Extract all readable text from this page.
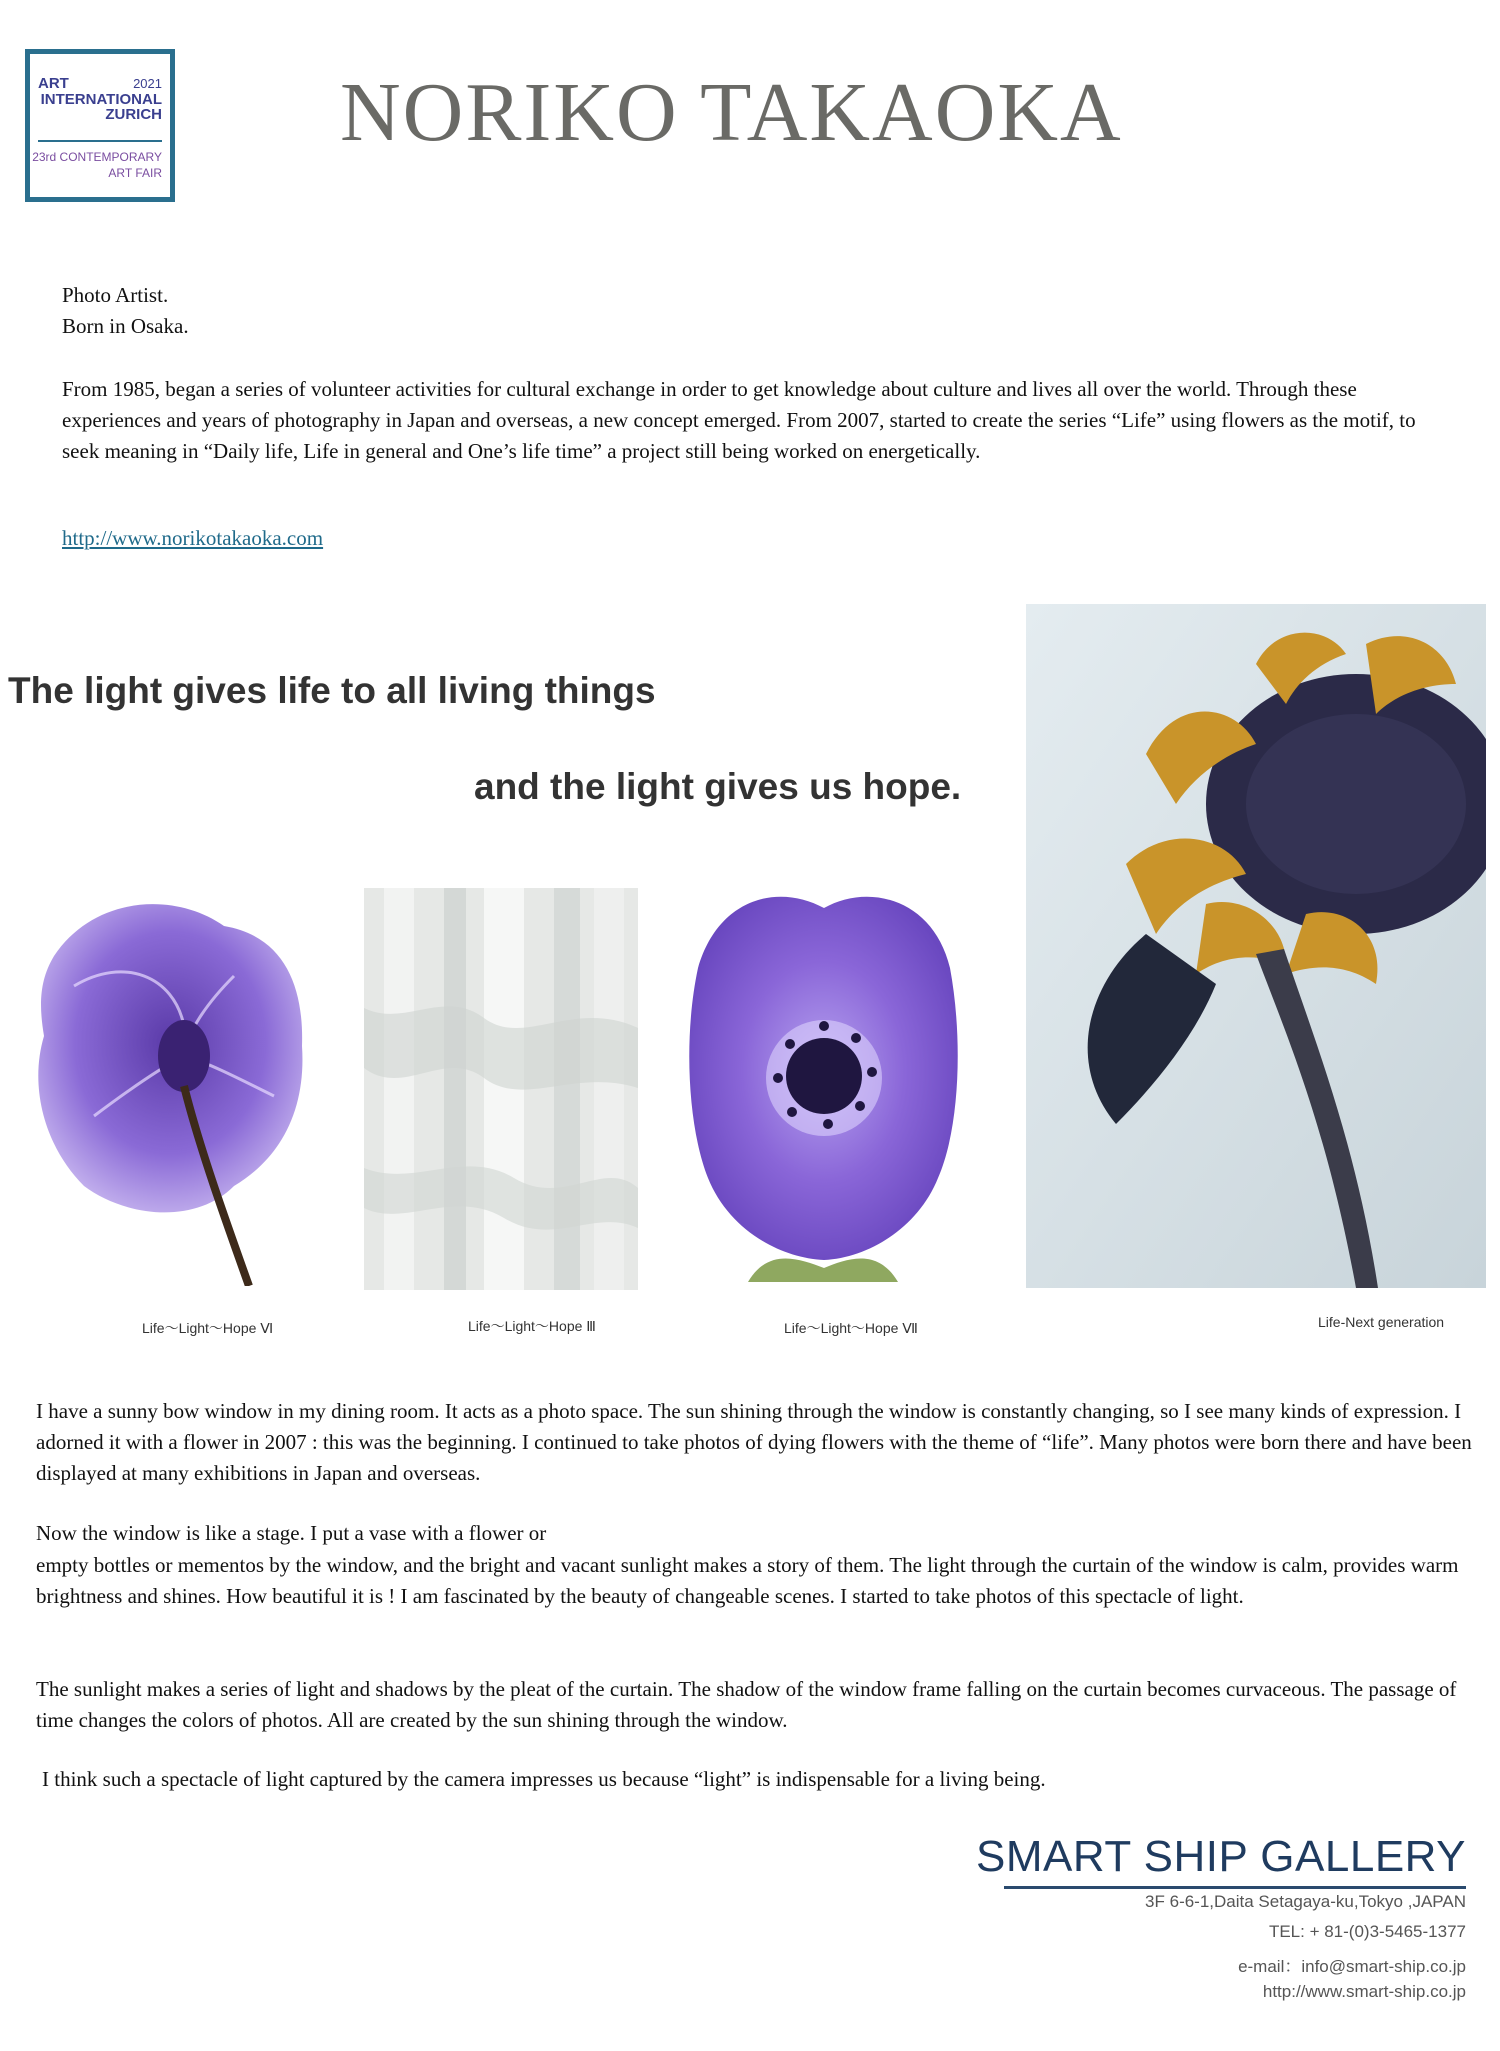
ART	2021
INTERNATIONAL
ZURICH
23rd CONTEMPORARY
ART FAIR
NORIKO TAKAOKA
Photo Artist.
Born in Osaka.
From 1985, began a series of volunteer activities for cultural exchange in order to get knowledge about culture and lives all over the world. Through these experiences and years of photography in Japan and overseas, a new concept emerged. From 2007, started to create the series “Life” using flowers as the motif, to seek meaning in “Daily life, Life in general and One’s life time” a project still being worked on energetically.
http://www.norikotakaoka.com
The light gives life to all living things
and the light gives us hope.
Life～Light～Hope Ⅵ	Life～Light～Hope Ⅲ	Life～Light～Hope Ⅶ	Life-Next generation
I have a sunny bow window in my dining room. It acts as a photo space. The sun shining through the window is constantly changing, so I see many kinds of expression. I adorned it with a flower in 2007 : this was the beginning. I continued to take photos of dying flowers with the theme of “life”. Many photos were born there and have been displayed at many exhibitions in Japan and overseas.
Now the window is like a stage. I put a vase with a flower or
empty bottles or mementos by the window, and the bright and vacant sunlight makes a story of them. The light through the curtain of the window is calm, provides warm brightness and shines. How beautiful it is ! I am fascinated by the beauty of changeable scenes. I started to take photos of this spectacle of light.
The sunlight makes a series of light and shadows by the pleat of the curtain. The shadow of the window frame falling on the curtain becomes curvaceous. The passage of time changes the colors of photos. All are created by the sun shining through the window.
I think such a spectacle of light captured by the camera impresses us because “light” is indispensable for a living being.
SMART SHIP GALLERY
3F 6-6-1,Daita Setagaya-ku,Tokyo ,JAPAN
TEL: + 81-(0)3-5465-1377
e-mail：info@smart-ship.co.jp
http://www.smart-ship.co.jp
